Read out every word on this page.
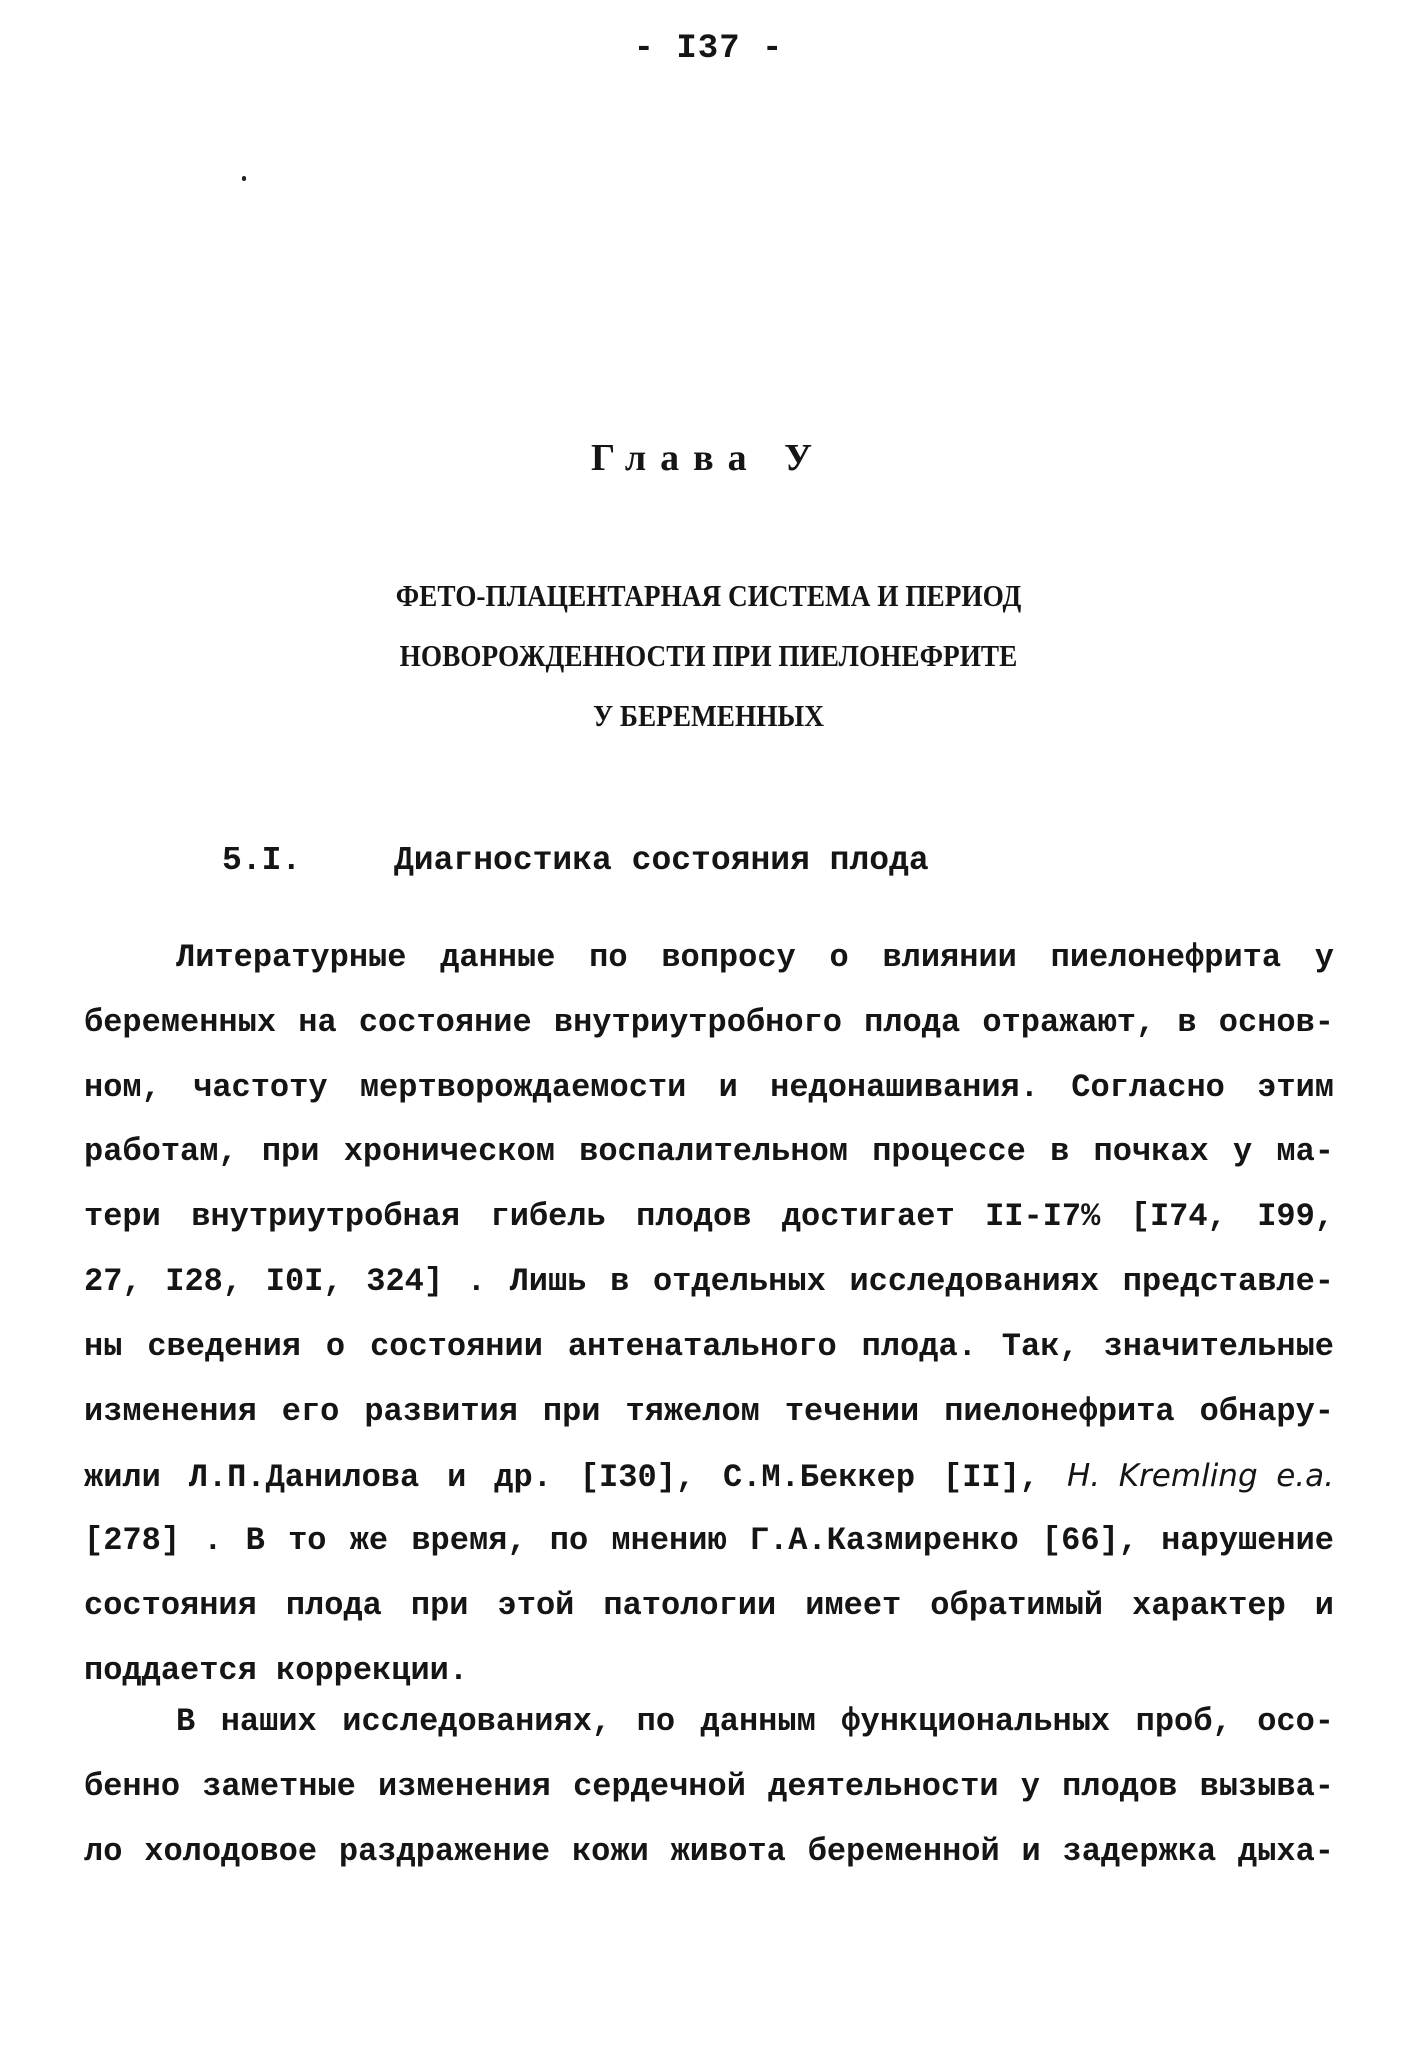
- I37 -
Глава У
ФЕТО-ПЛАЦЕНТАРНАЯ СИСТЕМА И ПЕРИОД
НОВОРОЖДЕННОСТИ ПРИ ПИЕЛОНЕФРИТЕ
У БЕРЕМЕННЫХ
5.I.	Диагностика состояния плода
Литературные данные по вопросу о влиянии пиелонефрита у
беременных на состояние внутриутробного плода отражают, в основ-
ном, частоту мертворождаемости и недонашивания. Согласно этим
работам, при хроническом воспалительном процессе в почках у ма-
тери внутриутробная гибель плодов достигает II-I7% [I74, I99,
27, I28, I0I, 324] . Лишь в отдельных исследованиях представле-
ны сведения о состоянии антенатального плода. Так, значительные
изменения его развития при тяжелом течении пиелонефрита обнару-
жили Л.П.Данилова и др. [I30], С.М.Беккер [II], H. Kremling e.a.
[278] . В то же время, по мнению Г.А.Казмиренко [66], нарушение
состояния плода при этой патологии имеет обратимый характер и
поддается коррекции.
В наших исследованиях, по данным функциональных проб, осо-
бенно заметные изменения сердечной деятельности у плодов вызыва-
ло холодовое раздражение кожи живота беременной и задержка дыха-
